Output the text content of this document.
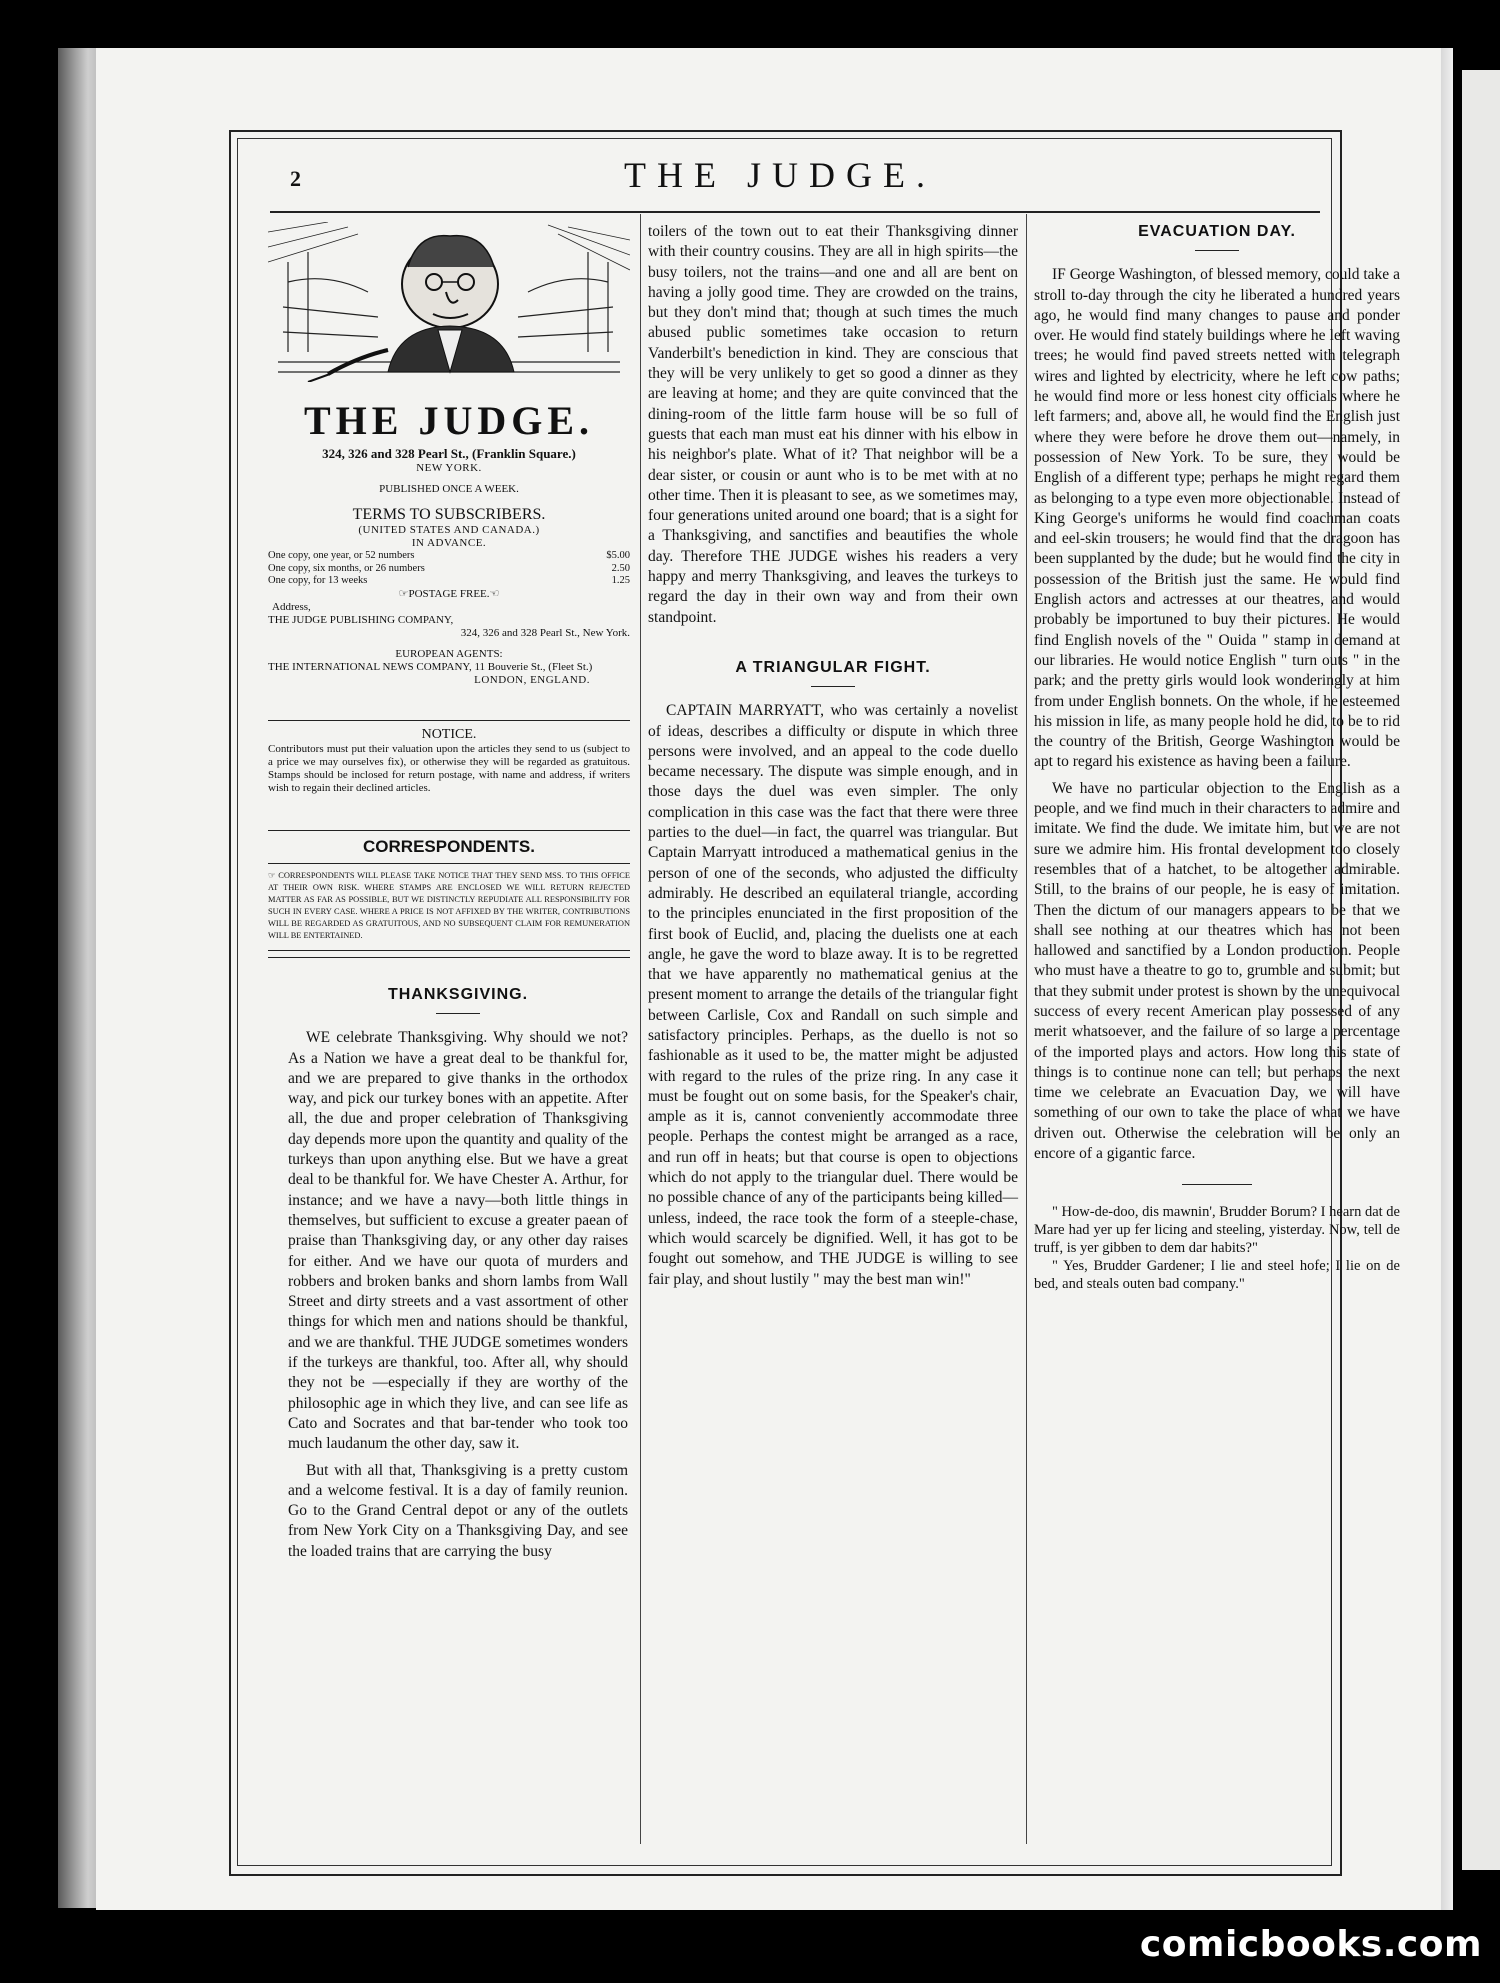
2	THE JUDGE.
THE JUDGE.
324, 326 and 328 Pearl St., (Franklin Square.)
NEW YORK.
PUBLISHED ONCE A WEEK.
TERMS TO SUBSCRIBERS.
(UNITED STATES AND CANADA.)
IN ADVANCE.
One copy, one year, or 52 numbers	$5.00
One copy, six months, or 26 numbers	2.50
One copy, for 13 weeks	1.25
☞POSTAGE FREE.☜
Address,
THE JUDGE PUBLISHING COMPANY,
324, 326 and 328 Pearl St., New York.
EUROPEAN AGENTS:
THE INTERNATIONAL NEWS COMPANY, 11 Bouverie St., (Fleet St.)
LONDON, ENGLAND.
NOTICE.
Contributors must put their valuation upon the articles they send to us (subject to a price we may ourselves fix), or otherwise they will be regarded as gratuitous. Stamps should be inclosed for return postage, with name and address, if writers wish to regain their declined articles.
CORRESPONDENTS.
☞ CORRESPONDENTS WILL PLEASE TAKE NOTICE THAT THEY SEND MSS. TO THIS OFFICE AT THEIR OWN RISK. WHERE STAMPS ARE ENCLOSED WE WILL RETURN REJECTED MATTER AS FAR AS POSSIBLE, BUT WE DISTINCTLY REPUDIATE ALL RESPONSIBILITY FOR SUCH IN EVERY CASE. WHERE A PRICE IS NOT AFFIXED BY THE WRITER, CONTRIBUTIONS WILL BE REGARDED AS GRATUITOUS, AND NO SUBSEQUENT CLAIM FOR REMUNERATION WILL BE ENTERTAINED.
THANKSGIVING.

WE celebrate Thanksgiving. Why should we not? As a Nation we have a great deal to be thankful for, and we are prepared to give thanks in the orthodox way, and pick our turkey bones with an appetite. After all, the due and proper celebration of Thanksgiving day depends more upon the quantity and quality of the turkeys than upon anything else. But we have a great deal to be thankful for. We have Chester A. Arthur, for instance; and we have a navy—both little things in themselves, but sufficient to excuse a greater paean of praise than Thanksgiving day, or any other day raises for either. And we have our quota of murders and robbers and broken banks and shorn lambs from Wall Street and dirty streets and a vast assortment of other things for which men and nations should be thankful, and we are thankful. THE JUDGE sometimes wonders if the turkeys are thankful, too. After all, why should they not be —especially if they are worthy of the philosophic age in which they live, and can see life as Cato and Socrates and that bar-tender who took too much laudanum the other day, saw it.

But with all that, Thanksgiving is a pretty custom and a welcome festival. It is a day of family reunion. Go to the Grand Central depot or any of the outlets from New York City on a Thanksgiving Day, and see the loaded trains that are carrying the busy

toilers of the town out to eat their Thanksgiving dinner with their country cousins. They are all in high spirits—the busy toilers, not the trains—and one and all are bent on having a jolly good time. They are crowded on the trains, but they don't mind that; though at such times the much abused public sometimes take occasion to return Vanderbilt's benediction in kind. They are conscious that they will be very unlikely to get so good a dinner as they are leaving at home; and they are quite convinced that the dining-room of the little farm house will be so full of guests that each man must eat his dinner with his elbow in his neighbor's plate. What of it? That neighbor will be a dear sister, or cousin or aunt who is to be met with at no other time. Then it is pleasant to see, as we sometimes may, four generations united around one board; that is a sight for a Thanksgiving, and sanctifies and beautifies the whole day. Therefore THE JUDGE wishes his readers a very happy and merry Thanksgiving, and leaves the turkeys to regard the day in their own way and from their own standpoint.

A TRIANGULAR FIGHT.

CAPTAIN MARRYATT, who was certainly a novelist of ideas, describes a difficulty or dispute in which three persons were involved, and an appeal to the code duello became necessary. The dispute was simple enough, and in those days the duel was even simpler. The only complication in this case was the fact that there were three parties to the duel—in fact, the quarrel was triangular. But Captain Marryatt introduced a mathematical genius in the person of one of the seconds, who adjusted the difficulty admirably. He described an equilateral triangle, according to the principles enunciated in the first proposition of the first book of Euclid, and, placing the duelists one at each angle, he gave the word to blaze away. It is to be regretted that we have apparently no mathematical genius at the present moment to arrange the details of the triangular fight between Carlisle, Cox and Randall on such simple and satisfactory principles. Perhaps, as the duello is not so fashionable as it used to be, the matter might be adjusted with regard to the rules of the prize ring. In any case it must be fought out on some basis, for the Speaker's chair, ample as it is, cannot conveniently accommodate three people. Perhaps the contest might be arranged as a race, and run off in heats; but that course is open to objections which do not apply to the triangular duel. There would be no possible chance of any of the participants being killed—unless, indeed, the race took the form of a steeple-chase, which would scarcely be dignified. Well, it has got to be fought out somehow, and THE JUDGE is willing to see fair play, and shout lustily " may the best man win!"

EVACUATION DAY.

IF George Washington, of blessed memory, could take a stroll to-day through the city he liberated a hundred years ago, he would find many changes to pause and ponder over. He would find stately buildings where he left waving trees; he would find paved streets netted with telegraph wires and lighted by electricity, where he left cow paths; he would find more or less honest city officials where he left farmers; and, above all, he would find the English just where they were before he drove them out—namely, in possession of New York. To be sure, they would be English of a different type; perhaps he might regard them as belonging to a type even more objectionable. Instead of King George's uniforms he would find coachman coats and eel-skin trousers; he would find that the dragoon has been supplanted by the dude; but he would find the city in possession of the British just the same. He would find English actors and actresses at our theatres, and would probably be importuned to buy their pictures. He would find English novels of the " Ouida " stamp in demand at our libraries. He would notice English " turn outs " in the park; and the pretty girls would look wonderingly at him from under English bonnets. On the whole, if he esteemed his mission in life, as many people hold he did, to be to rid the country of the British, George Washington would be apt to regard his existence as having been a failure.

We have no particular objection to the English as a people, and we find much in their characters to admire and imitate. We find the dude. We imitate him, but we are not sure we admire him. His frontal development too closely resembles that of a hatchet, to be altogether admirable. Still, to the brains of our people, he is easy of imitation. Then the dictum of our managers appears to be that we shall see nothing at our theatres which has not been hallowed and sanctified by a London production. People who must have a theatre to go to, grumble and submit; but that they submit under protest is shown by the unequivocal success of every recent American play possessed of any merit whatsoever, and the failure of so large a percentage of the imported plays and actors. How long this state of things is to continue none can tell; but perhaps the next time we celebrate an Evacuation Day, we will have something of our own to take the place of what we have driven out. Otherwise the celebration will be only an encore of a gigantic farce.

" How-de-doo, dis mawnin', Brudder Borum? I hearn dat de Mare had yer up fer licing and steeling, yisterday. Now, tell de truff, is yer gibben to dem dar habits?"

" Yes, Brudder Gardener; I lie and steel hofe; I lie on de bed, and steals outen bad company."

comicbooks.com
